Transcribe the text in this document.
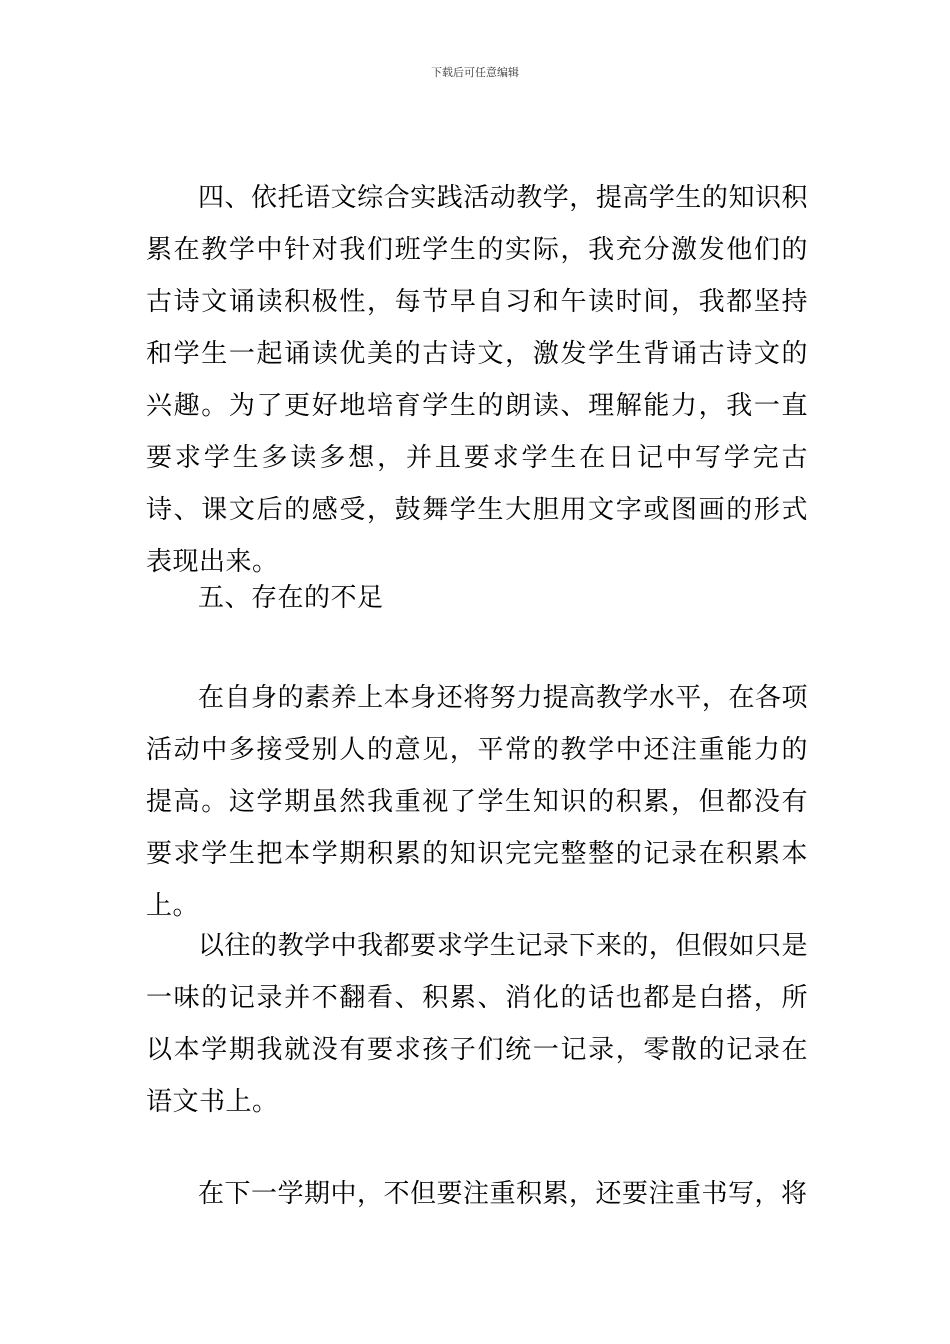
下载后可任意编辑

四、依托语文综合实践活动教学，提高学生的知识积累在教学中针对我们班学生的实际，我充分激发他们的古诗文诵读积极性，每节早自习和午读时间，我都坚持和学生一起诵读优美的古诗文，激发学生背诵古诗文的兴趣。为了更好地培育学生的朗读、理解能力，我一直要求学生多读多想，并且要求学生在日记中写学完古诗、课文后的感受，鼓舞学生大胆用文字或图画的形式表现出来。

五、存在的不足

在自身的素养上本身还将努力提高教学水平，在各项活动中多接受别人的意见，平常的教学中还注重能力的提高。这学期虽然我重视了学生知识的积累，但都没有要求学生把本学期积累的知识完完整整的记录在积累本上。

以往的教学中我都要求学生记录下来的，但假如只是一味的记录并不翻看、积累、消化的话也都是白搭，所以本学期我就没有要求孩子们统一记录，零散的记录在语文书上。

在下一学期中，不但要注重积累，还要注重书写，将
